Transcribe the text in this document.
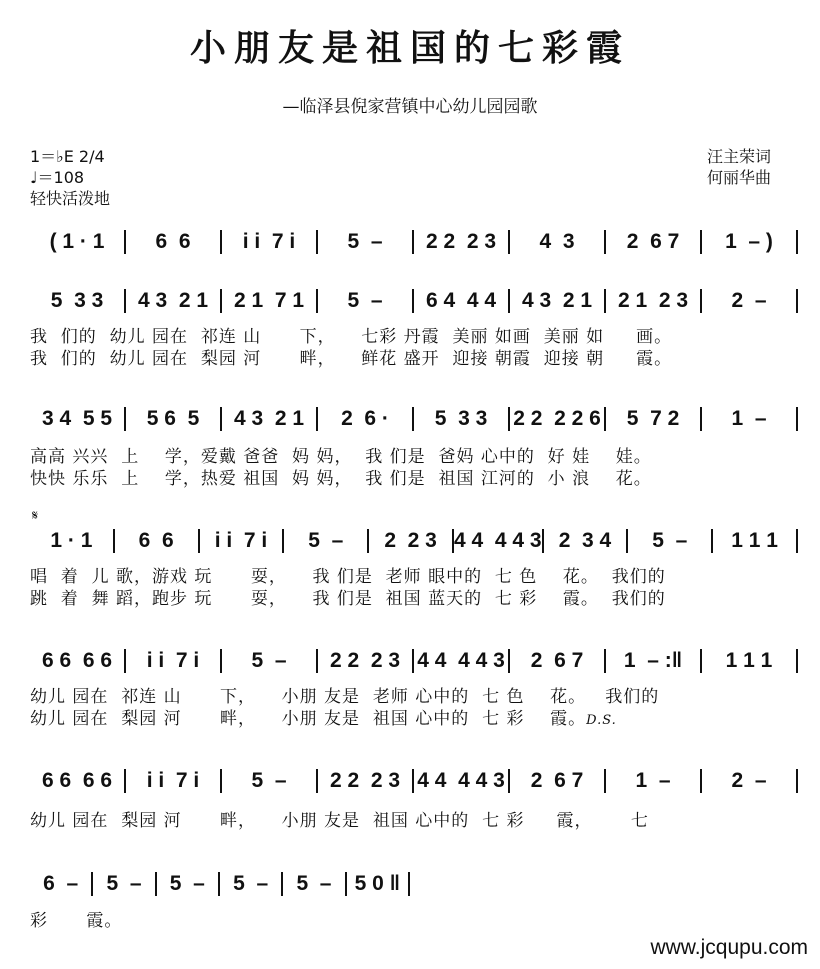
小朋友是祖国的七彩霞
—临泽县倪家营镇中心幼儿园园歌
1＝♭E 2/4
♩＝108
轻快活泼地
汪主荣词
何丽华曲
𝄋
( 1 · 1	6  6	i i  7 i	5  –	2 2  2 3	4  3	2  6 7	1  – )
5  3 3	4 3  2 1	2 1  7 1	5  –	6 4  4 4	4 3  2 1	2 1  2 3	2  –
我  们的  幼儿 园在  祁连 山      下，    七彩 丹霞  美丽 如画  美丽 如     画。
我  们的  幼儿 园在  梨园 河      畔，    鲜花 盛开  迎接 朝霞  迎接 朝     霞。
3 4  5 5	5 6  5	4 3  2 1	2  6 ·	5  3 3	2 2  2 2 6	5  7 2	1  –
高高 兴兴  上    学，爱戴 爸爸  妈 妈，  我 们是  爸妈 心中的  好 娃    娃。
快快 乐乐  上    学，热爱 祖国  妈 妈，  我 们是  祖国 江河的  小 浪    花。
1 · 1	6  6	i i  7 i	5  –	2  2 3 4 4  4 4 3 2  3 4	5  –	1 1 1
唱  着  儿 歌，游戏 玩      耍，    我 们是  老师 眼中的  七 色    花。  我们的
跳  着  舞 蹈，跑步 玩      耍，    我 们是  祖国 蓝天的  七 彩    霞。  我们的
6 6  6 6	i i  7 i	5  –	2 2  2 3 4 4  4 4 3	2  6 7	1  – :‖	1 1 1
幼儿 园在  祁连 山      下，    小朋 友是  老师 心中的  七 色    花。   我们的
幼儿 园在  梨园 河      畔，    小朋 友是  祖国 心中的  七 彩    霞。D.S.
6 6  6 6	i i  7 i	5  –	2 2  2 3 4 4  4 4 3	2  6 7	1  –	2  –
幼儿 园在  梨园 河      畔，    小朋 友是  祖国 心中的  七 彩     霞，      七
6  –	5  –	5  –	5  –	5  –	5 0 ‖
彩      霞。
www.jcqupu.com
